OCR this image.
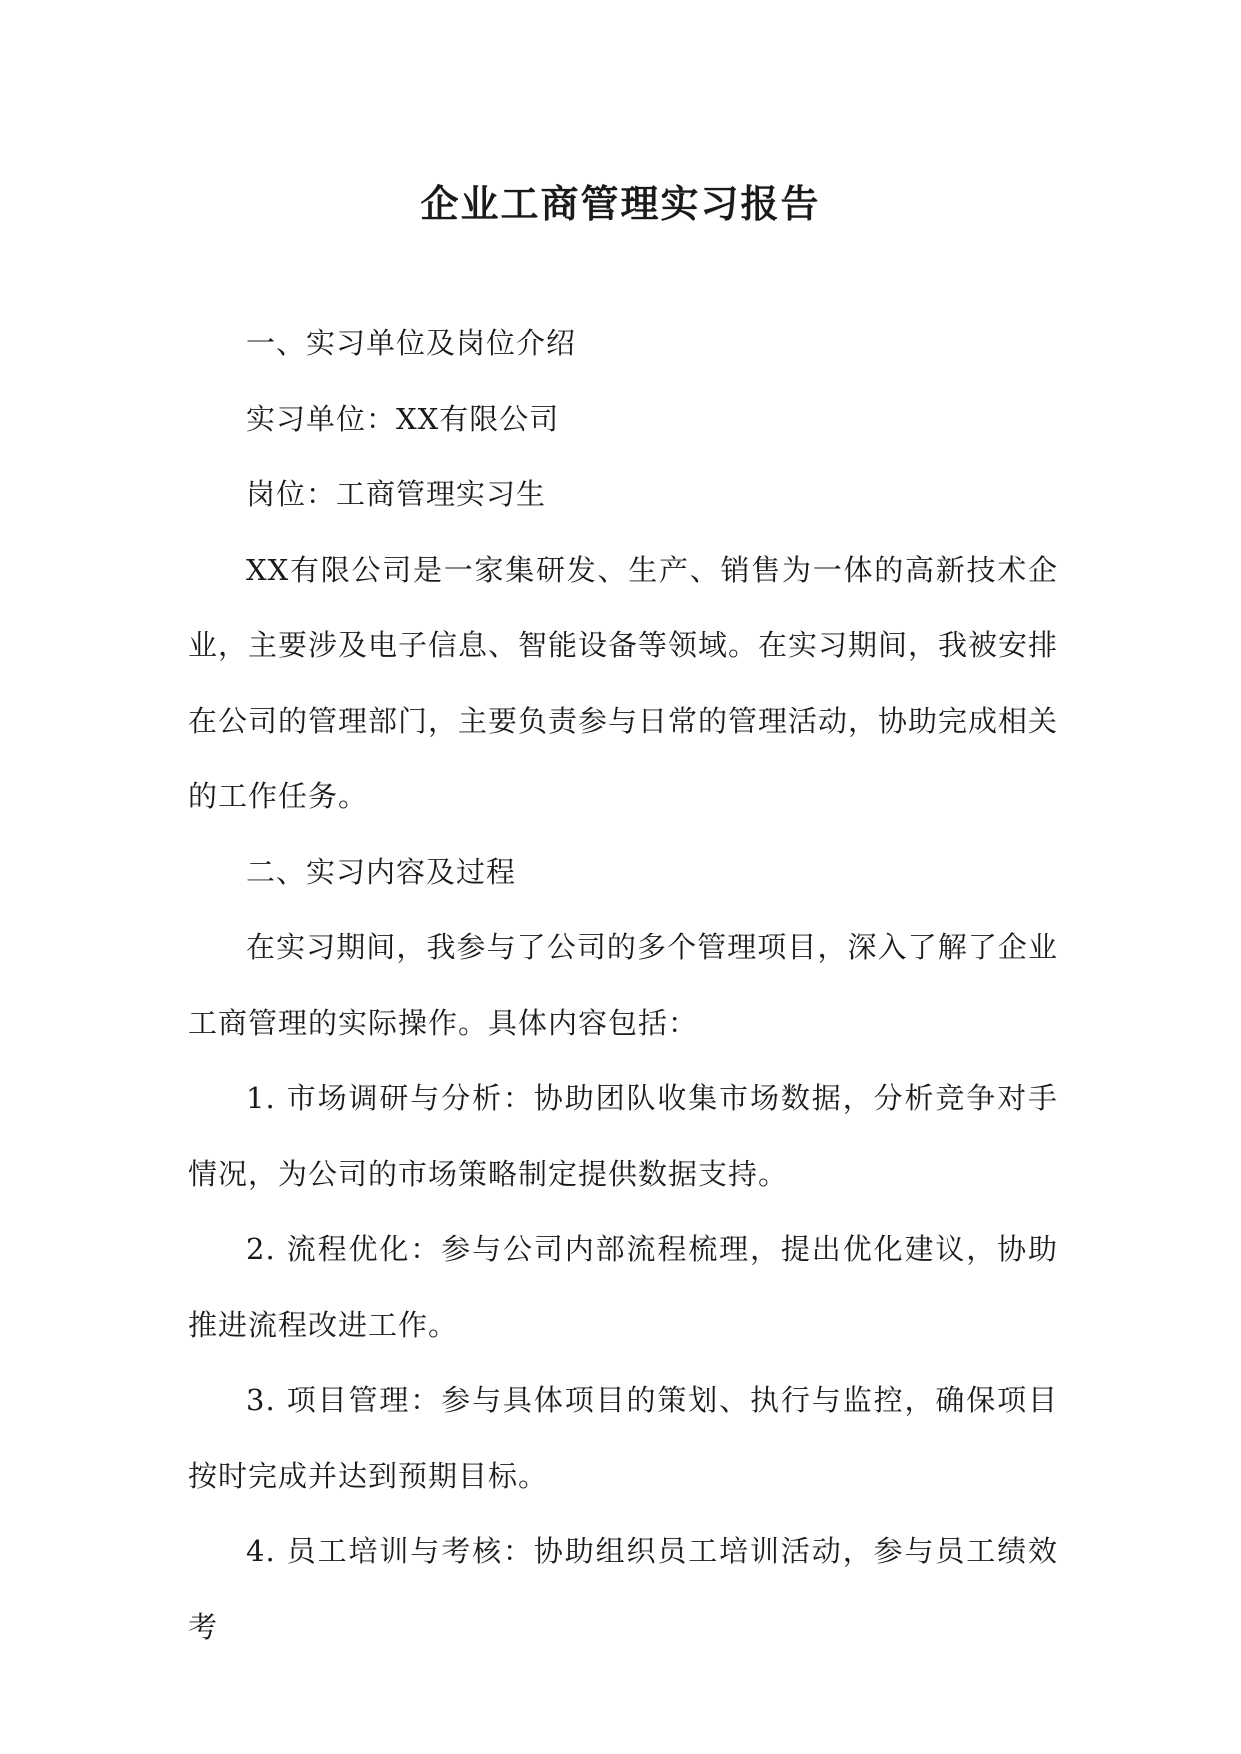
企业工商管理实习报告

一、实习单位及岗位介绍

实习单位：XX有限公司

岗位：工商管理实习生

XX有限公司是一家集研发、生产、销售为一体的高新技术企业，主要涉及电子信息、智能设备等领域。在实习期间，我被安排在公司的管理部门，主要负责参与日常的管理活动，协助完成相关的工作任务。

二、实习内容及过程

在实习期间，我参与了公司的多个管理项目，深入了解了企业工商管理的实际操作。具体内容包括：

1. 市场调研与分析：协助团队收集市场数据，分析竞争对手情况，为公司的市场策略制定提供数据支持。

2. 流程优化：参与公司内部流程梳理，提出优化建议，协助推进流程改进工作。

3. 项目管理：参与具体项目的策划、执行与监控，确保项目按时完成并达到预期目标。

4. 员工培训与考核：协助组织员工培训活动，参与员工绩效考
